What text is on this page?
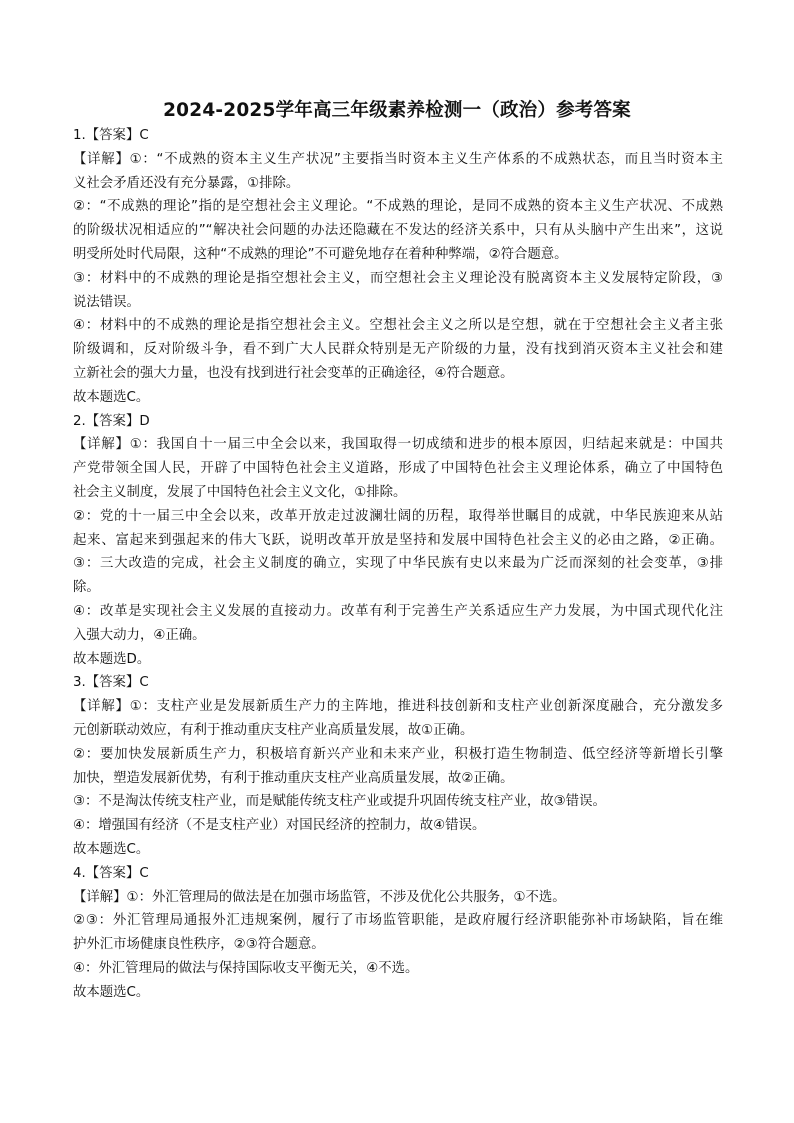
2024-2025学年高三年级素养检测一（政治）参考答案
1.【答案】C
【详解】①：“不成熟的资本主义生产状况”主要指当时资本主义生产体系的不成熟状态，而且当时资本主
义社会矛盾还没有充分暴露，①排除。
②：“不成熟的理论”指的是空想社会主义理论。“不成熟的理论，是同不成熟的资本主义生产状况、不成熟
的阶级状况相适应的”“解决社会问题的办法还隐藏在不发达的经济关系中，只有从头脑中产生出来”，这说
明受所处时代局限，这种“不成熟的理论”不可避免地存在着种种弊端，②符合题意。
③：材料中的不成熟的理论是指空想社会主义，而空想社会主义理论没有脱离资本主义发展特定阶段，③
说法错误。
④：材料中的不成熟的理论是指空想社会主义。空想社会主义之所以是空想，就在于空想社会主义者主张
阶级调和，反对阶级斗争，看不到广大人民群众特别是无产阶级的力量，没有找到消灭资本主义社会和建
立新社会的强大力量，也没有找到进行社会变革的正确途径，④符合题意。
故本题选C。
2.【答案】D
【详解】①：我国自十一届三中全会以来，我国取得一切成绩和进步的根本原因，归结起来就是：中国共
产党带领全国人民，开辟了中国特色社会主义道路，形成了中国特色社会主义理论体系，确立了中国特色
社会主义制度，发展了中国特色社会主义文化，①排除。
②：党的十一届三中全会以来，改革开放走过波澜壮阔的历程，取得举世瞩目的成就，中华民族迎来从站
起来、富起来到强起来的伟大飞跃，说明改革开放是坚持和发展中国特色社会主义的必由之路，②正确。
③：三大改造的完成，社会主义制度的确立，实现了中华民族有史以来最为广泛而深刻的社会变革，③排
除。
④：改革是实现社会主义发展的直接动力。改革有利于完善生产关系适应生产力发展，为中国式现代化注
入强大动力，④正确。
故本题选D。
3.【答案】C
【详解】①：支柱产业是发展新质生产力的主阵地，推进科技创新和支柱产业创新深度融合，充分激发多
元创新联动效应，有利于推动重庆支柱产业高质量发展，故①正确。
②：要加快发展新质生产力，积极培育新兴产业和未来产业，积极打造生物制造、低空经济等新增长引擎
加快，塑造发展新优势，有利于推动重庆支柱产业高质量发展，故②正确。
③：不是淘汰传统支柱产业，而是赋能传统支柱产业或提升巩固传统支柱产业，故③错误。
④：增强国有经济（不是支柱产业）对国民经济的控制力，故④错误。
故本题选C。
4.【答案】C
【详解】①：外汇管理局的做法是在加强市场监管，不涉及优化公共服务，①不选。
②③：外汇管理局通报外汇违规案例，履行了市场监管职能，是政府履行经济职能弥补市场缺陷，旨在维
护外汇市场健康良性秩序，②③符合题意。
④：外汇管理局的做法与保持国际收支平衡无关，④不选。
故本题选C。
